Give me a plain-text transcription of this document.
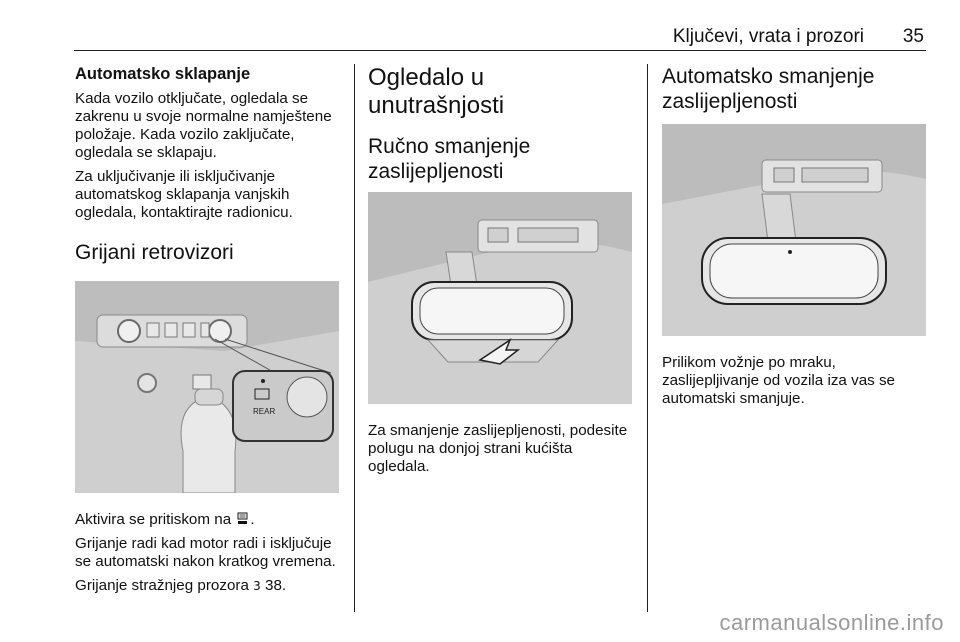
Ključevi, vrata i prozori 35
Automatsko sklapanje

Kada vozilo otključate, ogledala se zakrenu u svoje normalne namještene položaje. Kada vozilo zaključate, ogledala se sklapaju.

Za uključivanje ili isključivanje automatskog sklapanja vanjskih ogledala, kontaktirajte radionicu.

Grijani retrovizori
REAR

Aktivira se pritiskom na .

Grijanje radi kad motor radi i isključuje se automatski nakon kratkog vremena.

Grijanje stražnjeg prozora 3 38.

Ogledalo u unutrašnjosti
Ručno smanjenje zaslijepljenosti

Za smanjenje zaslijepljenosti, podesite polugu na donjoj strani kućišta ogledala.

Automatsko smanjenje zaslijepljenosti

Prilikom vožnje po mraku, zaslijepljivanje od vozila iza vas se automatski smanjuje.

carmanualsonline.info
